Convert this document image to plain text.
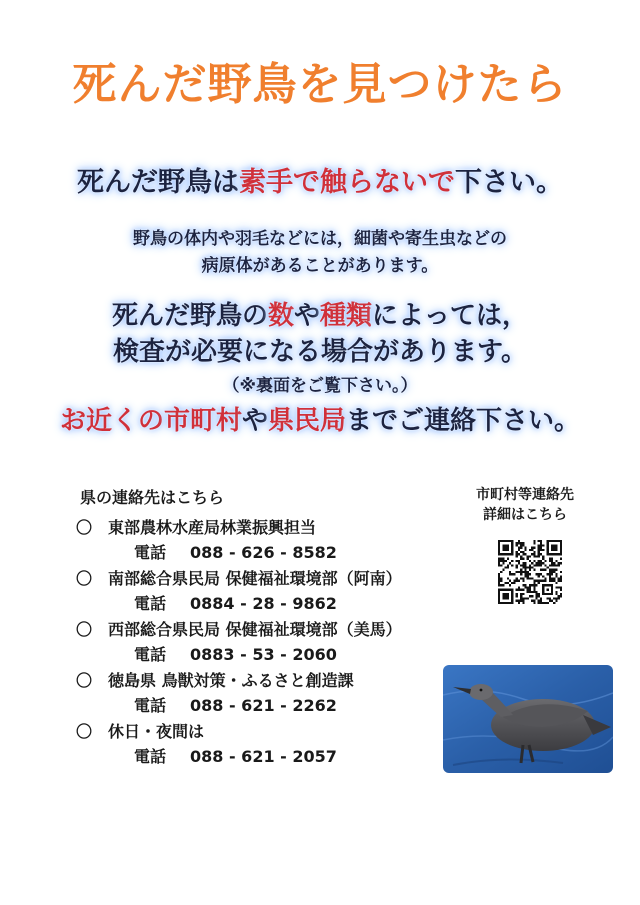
死んだ野鳥を見つけたら
死んだ野鳥は素手で触らないで下さい。
野鳥の体内や羽毛などには，細菌や寄生虫などの
病原体があることがあります。
死んだ野鳥の数や種類によっては，
検査が必要になる場合があります。
（※裏面をご覧下さい。）
お近くの市町村や県民局までご連絡下さい。
県の連絡先はこちら
〇 東部農林水産局林業振興担当
電話 088 - 626 - 8582
〇 南部総合県民局 保健福祉環境部（阿南）
電話 0884 - 28 - 9862
〇 西部総合県民局 保健福祉環境部（美馬）
電話 0883 - 53 - 2060
〇 徳島県 鳥獣対策・ふるさと創造課
電話 088 - 621 - 2262
〇 休日・夜間は
電話 088 - 621 - 2057
市町村等連絡先
詳細はこちら
